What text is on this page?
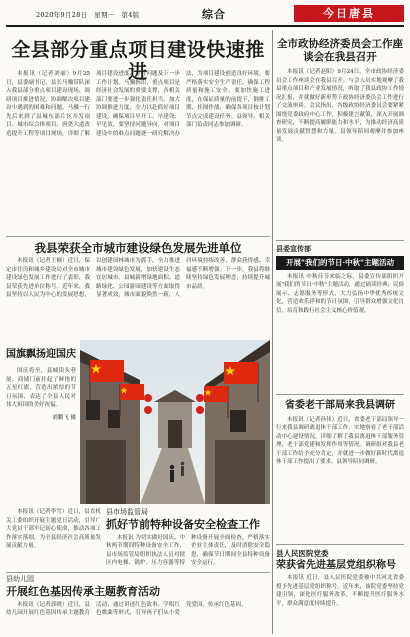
2020年9月28日　星期一　第4版	综合	今日唐县
全县部分重点项目建设快速推进

本报讯（记者刘丽）9月25日，县委副书记、县长马骥带队深入我县部分重点项目建设现场，调研项目推进情况，协调解决项目建设中遇到的困难和问题。马骥一行先后来到了县城东部片区开发项目、城市综合体项目、唐尧大道改造提升工程等项目现场，详细了解项目建设进度、存在问题及下一步工作计划。马骥指出，重点项目是经济社会发展的重要支撑，各相关部门要进一步强化责任担当，加大协调推进力度，全力以赴抓好项目建设，确保项目早开工、早建设、早见效。要坚持问题导向，对项目建设中的难点问题逐一研究解决办法，为项目建设创造良好环境。要严格落实安全生产责任，确保工程质量和施工安全。要加快施工进度，在保证质量的前提下，倒排工期、挂图作战，确保各项目按计划节点完成建设任务。县领导、相关部门负责同志参加调研。

我县荣获全市城市建设绿色发展先进单位

本报讯（记者王楠）近日，保定市住房和城乡建设局对全市城市建设绿色发展工作进行了表彰，我县荣获先进单位称号。近年来，我县坚持以人民为中心的发展思想，以创建园林城市为抓手，全力推进城市建设绿色发展，加快建设生态宜居城市。县城新增绿地面积、道路绿化、公园游园建设等方面取得显著成效，城市面貌焕然一新，人居环境持续改善，群众获得感、幸福感不断增强。下一步，我县将继续坚持绿色发展理念，持续提升城市品质。

国旗飘扬迎国庆

国庆将至，县城街头巷尾、商铺门前挂起了鲜艳的五星红旗，营造出浓厚的节日氛围，表达了全县人民对伟大祖国的美好祝福。

刘鹏飞 摄

本报讯（记者李雪）近日，县直机关工委组织开展主题党日活动，引导广大党员干部牢记初心使命，推动各项工作落实落细，为全县经济社会高质量发展贡献力量。

县市场监管局
抓好节前特种设备安全检查工作

本报讯 为切实做好国庆、中秋两节期间特种设备安全工作，县市场监管局组织执法人员对辖区内电梯、锅炉、压力容器等特种设备开展全面检查，严格落实企业主体责任，及时消除安全隐患，确保节日期间全县特种设备安全运行。

县幼儿园
开展红色基因传承主题教育活动

本报讯（记者郭晓）近日，县幼儿园开展红色基因传承主题教育活动，通过讲述红色故事、学唱红色歌曲等形式，引导孩子们从小爱党爱国，传承红色基因。

全市政协经济委员会工作座谈会在我县召开

本报讯（记者赵阳）9月24日，全市政协经济委员会工作座谈会在我县召开。与会人员实地观摩了我县重点项目和产业发展情况，听取了我县政协工作情况汇报，并就做好新形势下政协经济委员会工作进行了交流座谈。会议指出，各级政协经济委员会要紧紧围绕党委政府中心工作，积极建言献策，深入开展调查研究，不断提高履职能力和水平，为推动经济高质量发展贡献智慧和力量。县领导陪同观摩并参加座谈。

县委宣传部
开展"我们的节日·中秋"主题活动

本报讯 中秋佳节来临之际，县委宣传部组织开展"我们的节日·中秋"主题活动，通过诵读经典、民俗展示、志愿服务等形式，大力弘扬中华优秀传统文化，营造欢乐祥和的节日氛围，引导群众增强文化自信，培育和践行社会主义核心价值观。

省委老干部局来我县调研

本报讯（记者孙伟）近日，省委老干部局领导一行来我县调研离退休干部工作，实地察看了老干部活动中心建设情况，详细了解了我县离退休干部服务管理、老干部党建和发挥作用等情况。调研组对我县老干部工作给予充分肯定，并就进一步做好新时代离退休干部工作提出了要求。县领导陪同调研。

县人民医院党委
荣获省先进基层党组织称号

本报讯 近日，县人民医院党委被中共河北省委授予先进基层党组织称号。近年来，该院党委坚持党建引领，深化医疗服务改革，不断提升医疗服务水平，群众满意度持续提升。
